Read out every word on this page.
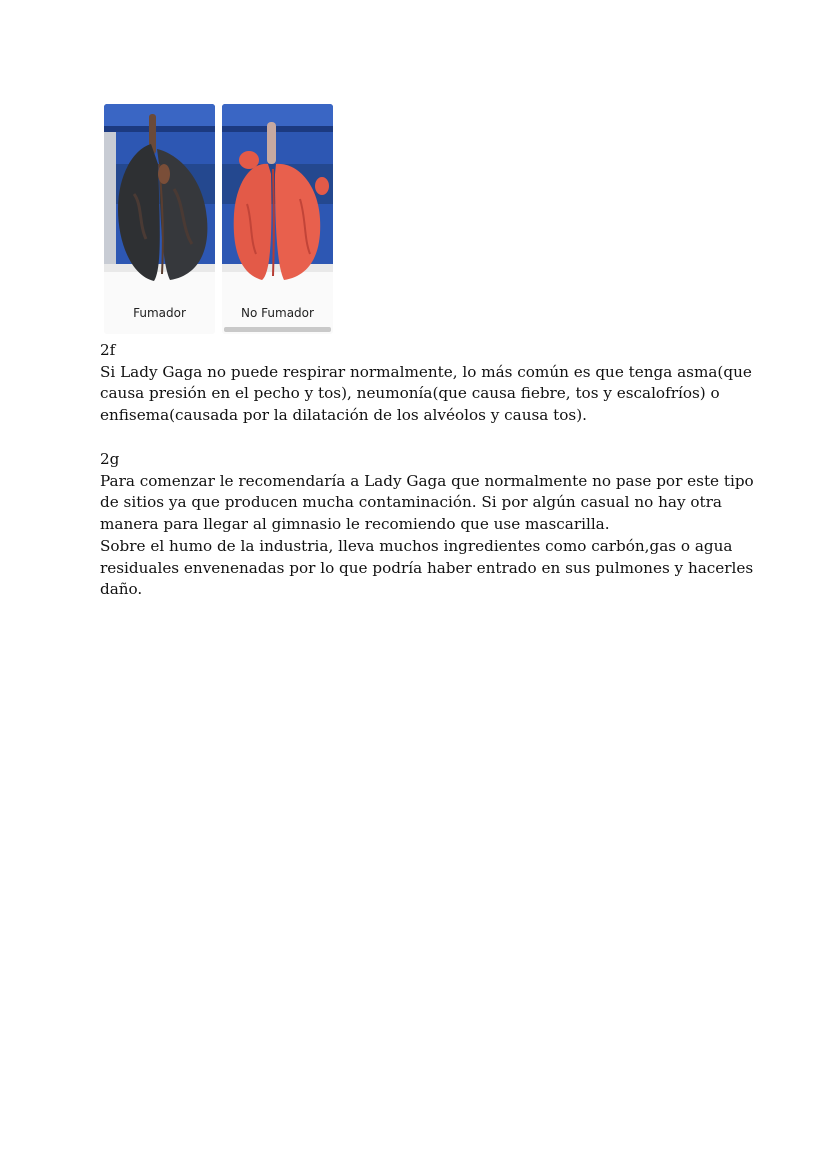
Fumador	No Fumador

2f

Si Lady Gaga no puede respirar normalmente, lo más común es que tenga asma(que

causa presión en el pecho y tos), neumonía(que causa fiebre, tos y escalofríos) o

enfisema(causada por la dilatación de los alvéolos y causa tos).

2g

Para comenzar le recomendaría a Lady Gaga que normalmente no pase por este tipo

de sitios ya que producen mucha contaminación. Si por algún casual no hay otra

manera para llegar al gimnasio le recomiendo que use mascarilla.

Sobre el humo de la industria, lleva muchos ingredientes como carbón,gas o agua

residuales envenenadas por lo que podría haber entrado en sus pulmones y hacerles

daño.
